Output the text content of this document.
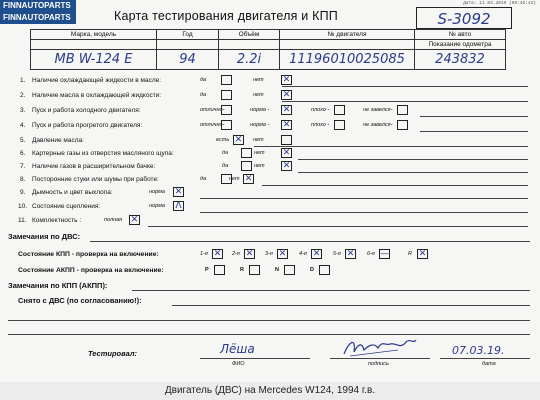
FINNAUTOPARTS
FINNAUTOPARTS
Дата: 11.03.2019 (09:46:42)
Карта тестирования двигателя и КПП	S-3092
Марка, модель	Год	Объём	№ двигателя	№ авто
				Показание одометра
MB W-124 E	94	2.2i	11196010025085	243832
1. Наличие охлаждающей жидкости в масле:	да	нет ✕
2. Наличие масла в охлаждающей жидкости:	да	нет ✕
3. Пуск и работа холодного двигателя:	отлично-	норма - ✕	плохо -	не завелся-
4. Пуск и работа прогретого двигателя:	отлично-	норма - ✕	плохо -	не завелся-
5. Давление масла:	есть ✕	нет
6. Картерные газы из отверстия масляного щупа:	да	нет ✕
7. Наличие газов в расширительном бачке:	да	нет ✕
8. Посторонние стуки или шумы при работе:	да	нет ✕
9. Дымность и цвет выхлопа:	норма ✕
10. Состояние сцепления:	норма Λ
11. Комплектность :	полная ✕
Замечания по ДВС:
Состояние КПП - проверка на включение:	1-я ✕	2-я ✕	3-я ✕	4-я ✕	5-я ✕	6-я —	R ✕
Состояние АКПП - проверка на включение:	P	R	N	D
Замечания по КПП (АКПП):
Снято с ДВС (по согласованию!):
Тестировал:	Лёша
ФИО	подпись
07.03.19.
дата
Двигатель (ДВС) на Mercedes W124, 1994 г.в.
